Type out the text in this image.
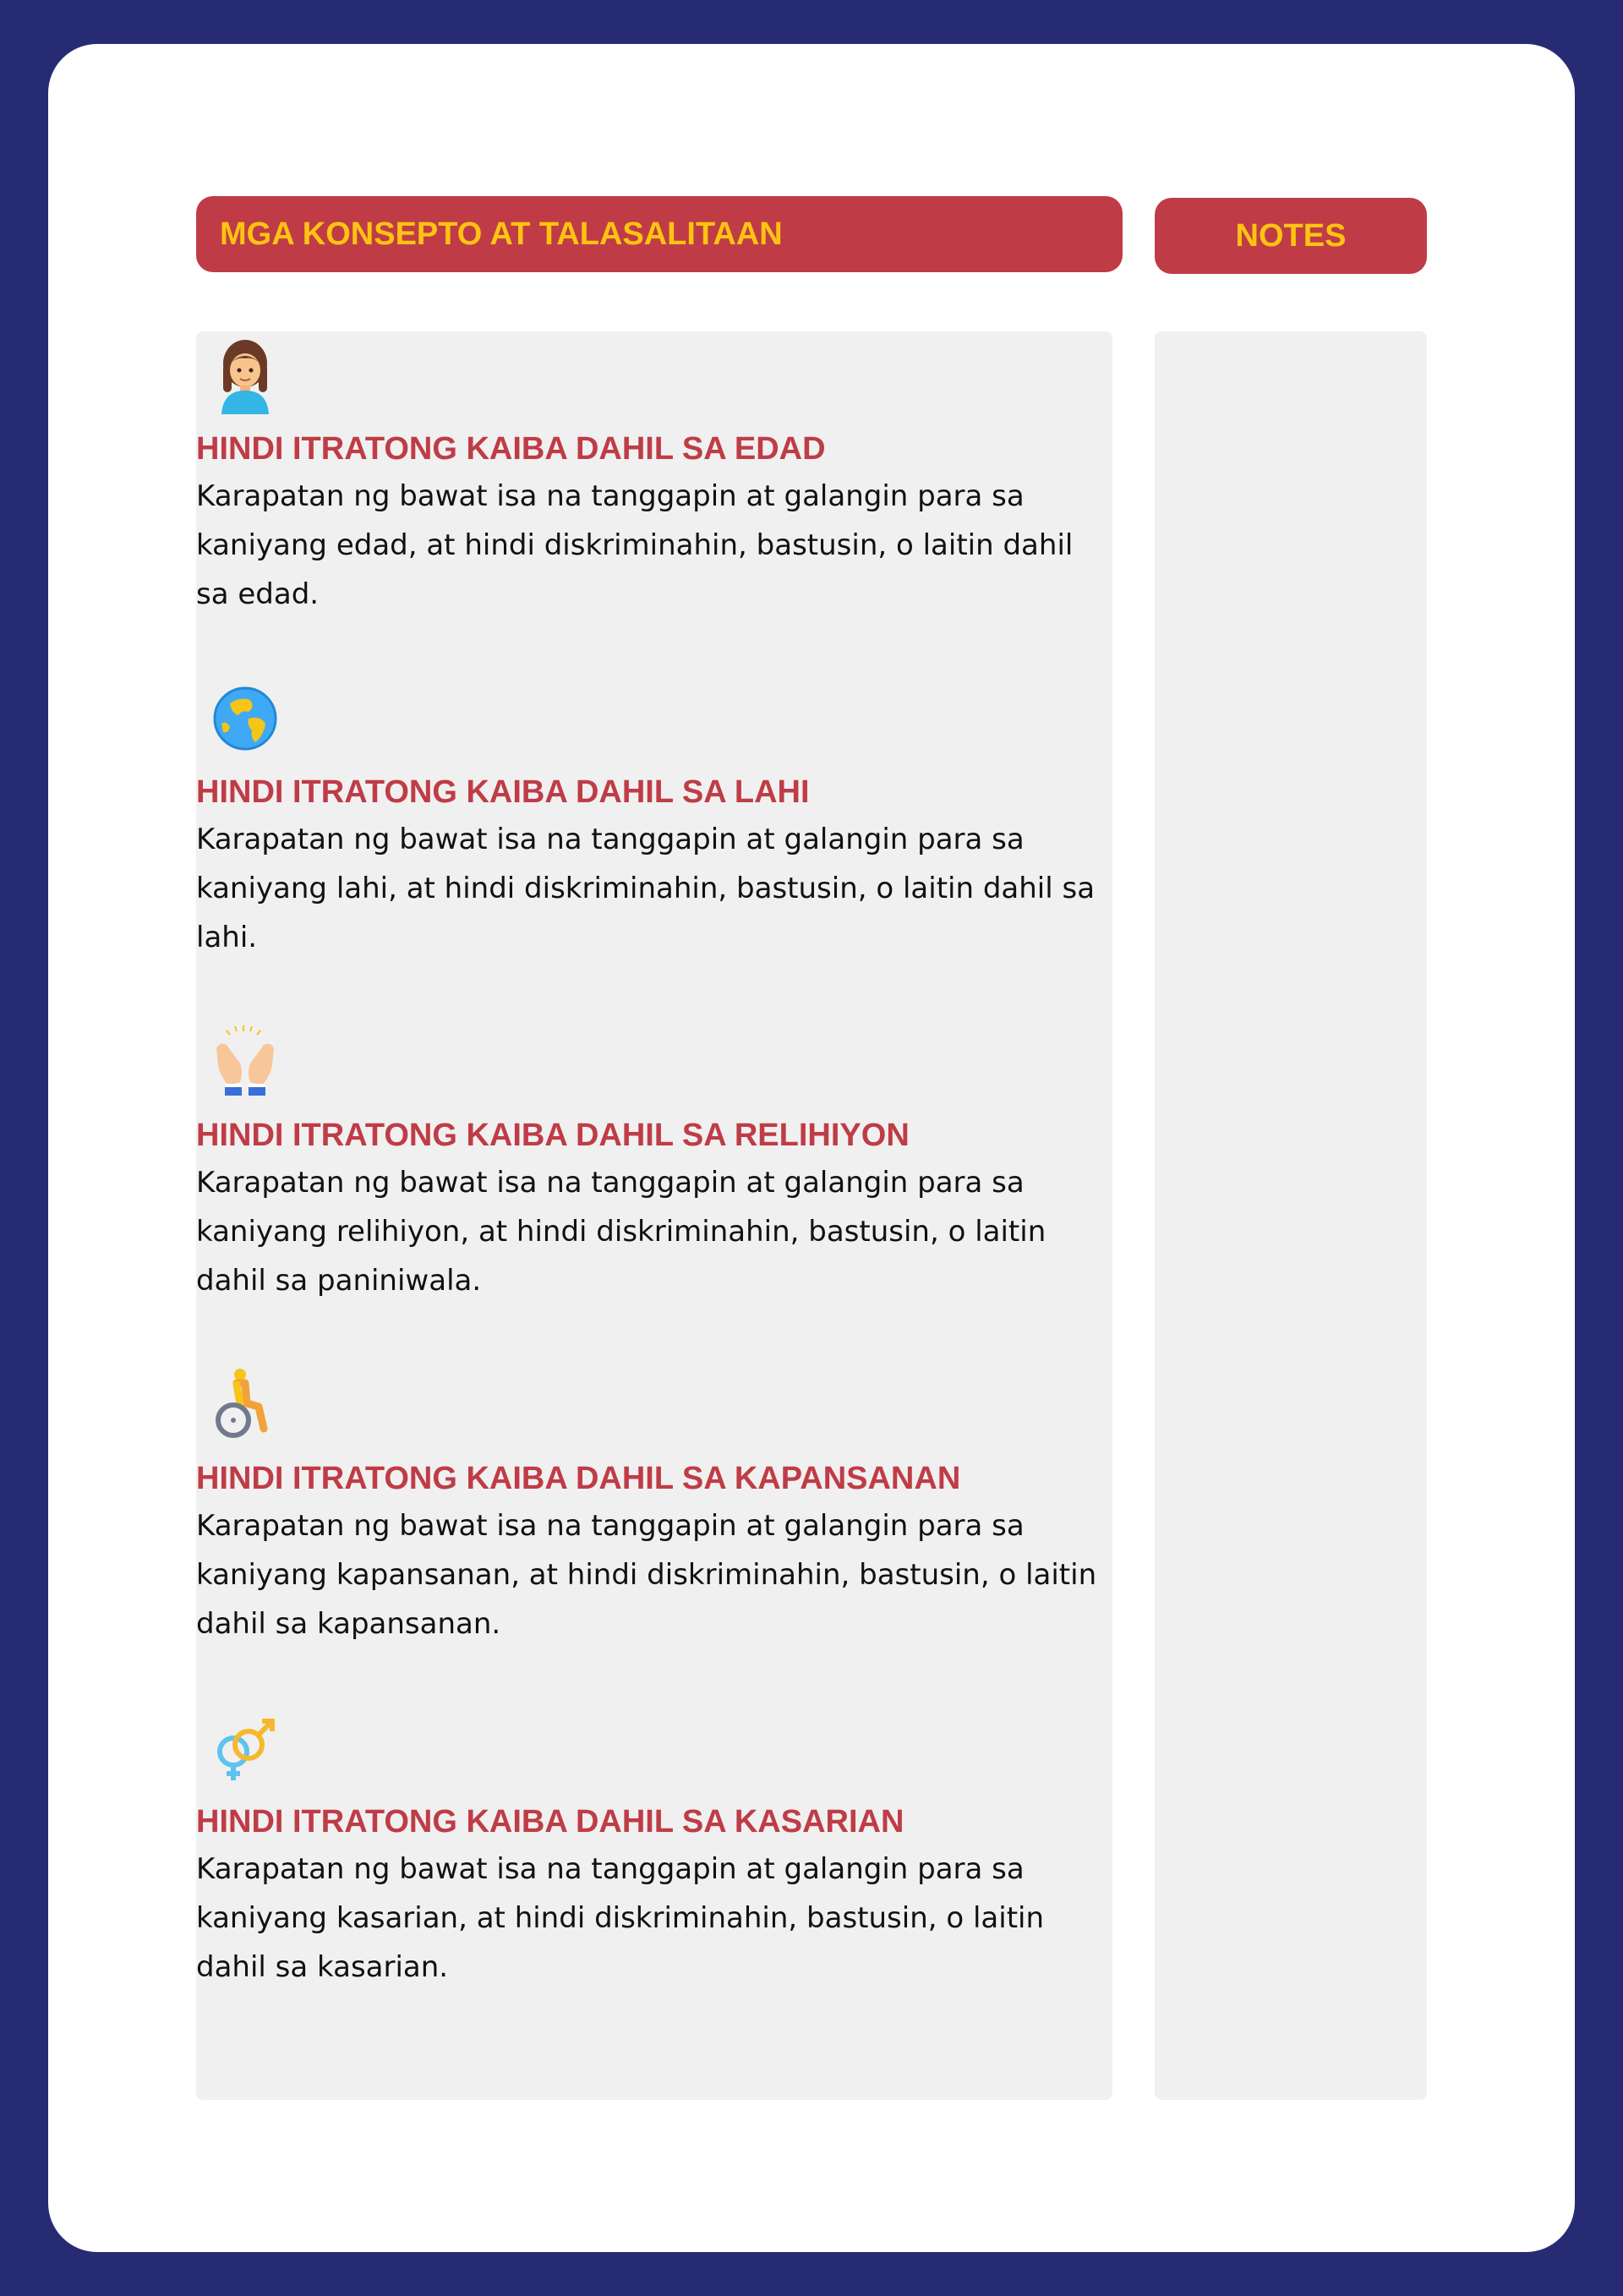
MGA KONSEPTO AT TALASALITAAN	NOTES
HINDI ITRATONG KAIBA DAHIL SA EDAD
Karapatan ng bawat isa na tanggapin at galangin para sa kaniyang edad, at hindi diskriminahin, bastusin, o laitin dahil sa edad.
HINDI ITRATONG KAIBA DAHIL SA LAHI
Karapatan ng bawat isa na tanggapin at galangin para sa kaniyang lahi, at hindi diskriminahin, bastusin, o laitin dahil sa lahi.
HINDI ITRATONG KAIBA DAHIL SA RELIHIYON
Karapatan ng bawat isa na tanggapin at galangin para sa kaniyang relihiyon, at hindi diskriminahin, bastusin, o laitin dahil sa paniniwala.
HINDI ITRATONG KAIBA DAHIL SA KAPANSANAN
Karapatan ng bawat isa na tanggapin at galangin para sa kaniyang kapansanan, at hindi diskriminahin, bastusin, o laitin dahil sa kapansanan.
HINDI ITRATONG KAIBA DAHIL SA KASARIAN
Karapatan ng bawat isa na tanggapin at galangin para sa kaniyang kasarian, at hindi diskriminahin, bastusin, o laitin dahil sa kasarian.
